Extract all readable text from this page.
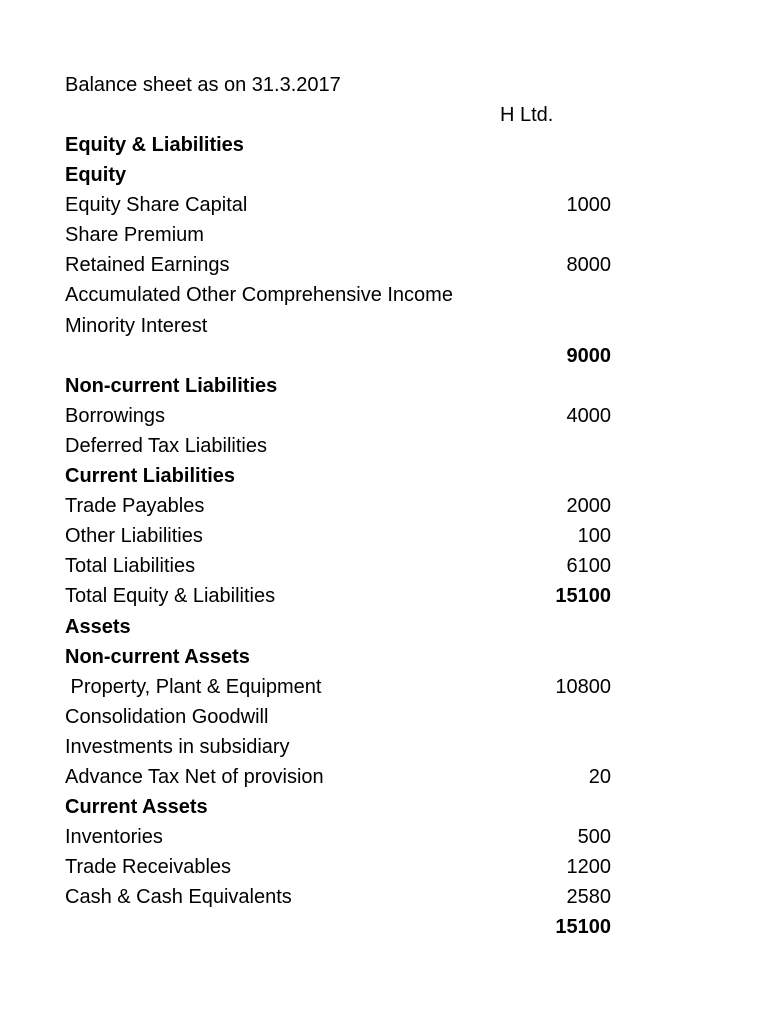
Balance sheet as on 31.3.2017
H Ltd.
Equity & Liabilities
Equity
Equity Share Capital	1000
Share Premium
Retained Earnings	8000
Accumulated Other Comprehensive Income
Minority Interest
9000
Non-current Liabilities
Borrowings	4000
Deferred Tax Liabilities
Current Liabilities
Trade Payables	2000
Other Liabilities	100
Total Liabilities	6100
Total Equity & Liabilities	15100
Assets
Non-current Assets
Property, Plant & Equipment	10800
Consolidation Goodwill
Investments in subsidiary
Advance Tax Net of provision	20
Current Assets
Inventories	500
Trade Receivables	1200
Cash & Cash Equivalents	2580
15100
